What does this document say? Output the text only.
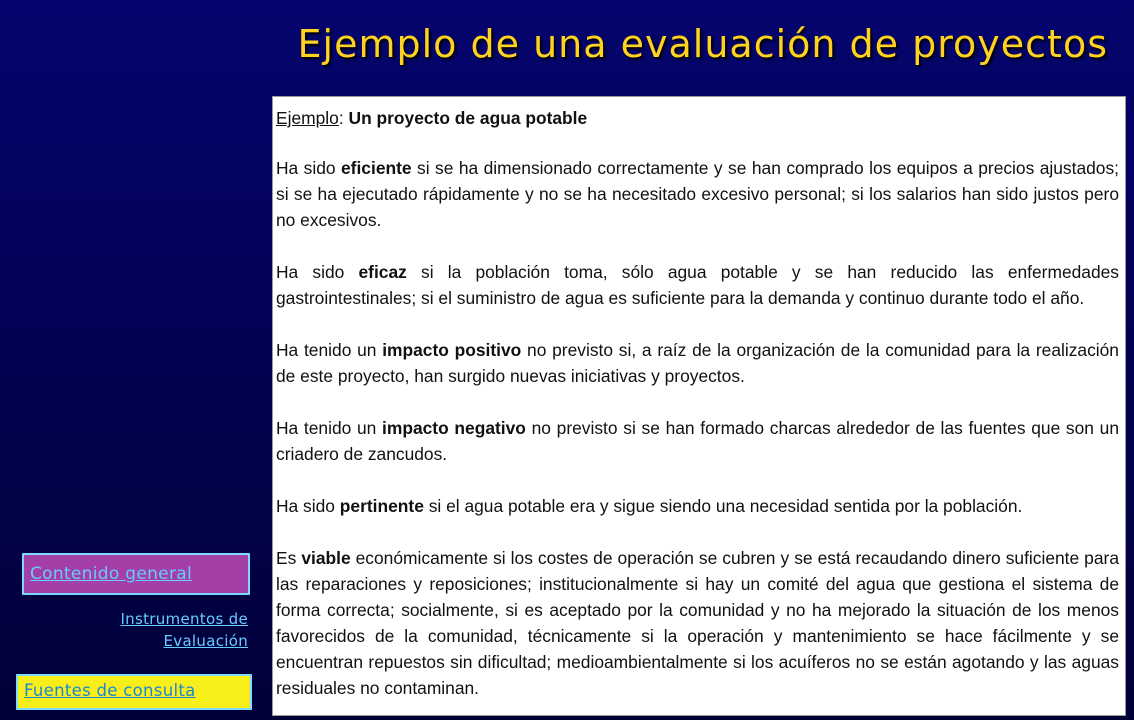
Ejemplo de una evaluación de proyectos

Ejemplo: Un proyecto de agua potable

Ha sido eficiente si se ha dimensionado correctamente y se han comprado los equipos a precios ajustados; si se ha ejecutado rápidamente y no se ha necesitado excesivo personal; si los salarios han sido justos pero no excesivos.

Ha sido eficaz si la población toma, sólo agua potable y se han reducido las enfermedades gastrointestinales; si el suministro de agua es suficiente para la demanda y continuo durante todo el año.

Ha tenido un impacto positivo no previsto si, a raíz de la organización de la comunidad para la realización de este proyecto, han surgido nuevas iniciativas y proyectos.

Ha tenido un impacto negativo no previsto si se han formado charcas alrededor de las fuentes que son un criadero de zancudos.

Ha sido pertinente si el agua potable era y sigue siendo una necesidad sentida por la población.

Es viable económicamente si los costes de operación se cubren y se está recaudando dinero suficiente para las reparaciones y reposiciones; institucionalmente si hay un comité del agua que gestiona el sistema de forma correcta; socialmente, si es aceptado por la comunidad y no ha mejorado la situación de los menos favorecidos de la comunidad, técnicamente si la operación y mantenimiento se hace fácilmente y se encuentran repuestos sin dificultad; medioambientalmente si los acuíferos no se están agotando y las aguas residuales no contaminan.

Contenido general
Instrumentos de
Evaluación
Fuentes de consulta
